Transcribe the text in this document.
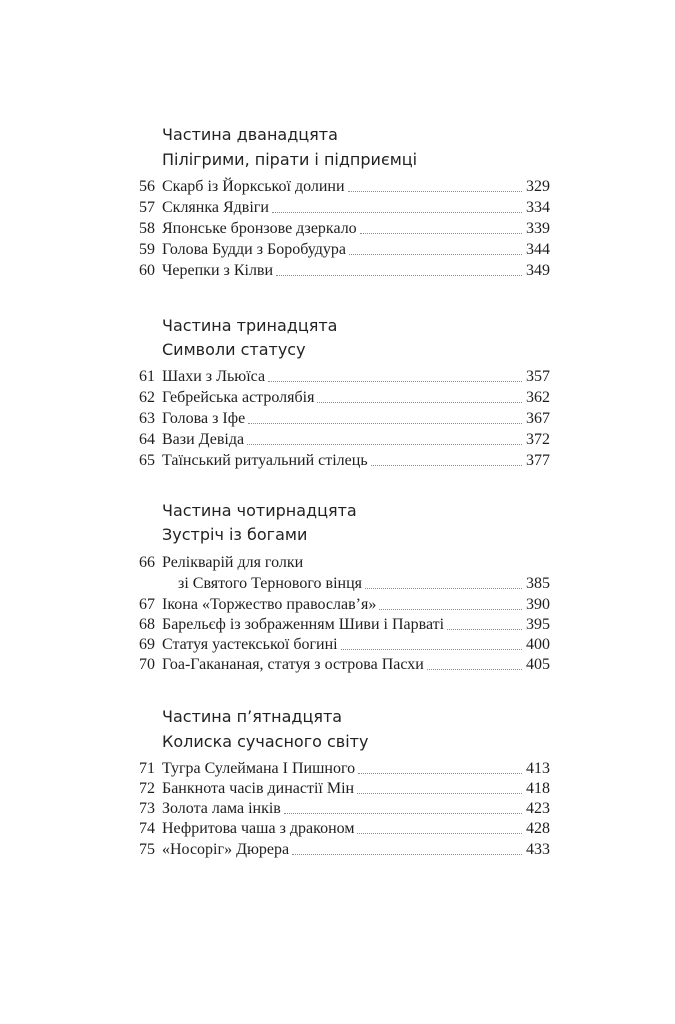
Частина дванадцята
Пілігрими, пірати і підприємці
56 Скарб із Йоркської долини	329
57 Склянка Ядвіги	334
58 Японське бронзове дзеркало	339
59 Голова Будди з Боробудура	344
60 Черепки з Кілви	349
Частина тринадцята
Символи статусу
61 Шахи з Льюїса	357
62 Гебрейська астролябія	362
63 Голова з Іфе	367
64 Вази Девіда	372
65 Таїнський ритуальний стілець	377
Частина чотирнадцята
Зустріч із богами
66 Релікварій для голки
зі Святого Тернового вінця	385
67 Ікона «Торжество православ’я»	390
68 Барельєф із зображенням Шиви і Парваті	395
69 Статуя уастекської богині	400
70 Гоа-Гакананая, статуя з острова Пасхи	405
Частина п’ятнадцята
Колиска сучасного світу
71 Тугра Сулеймана І Пишного	413
72 Банкнота часів династії Мін	418
73 Золота лама інків	423
74 Нефритова чаша з драконом	428
75 «Носоріг» Дюрера	433
